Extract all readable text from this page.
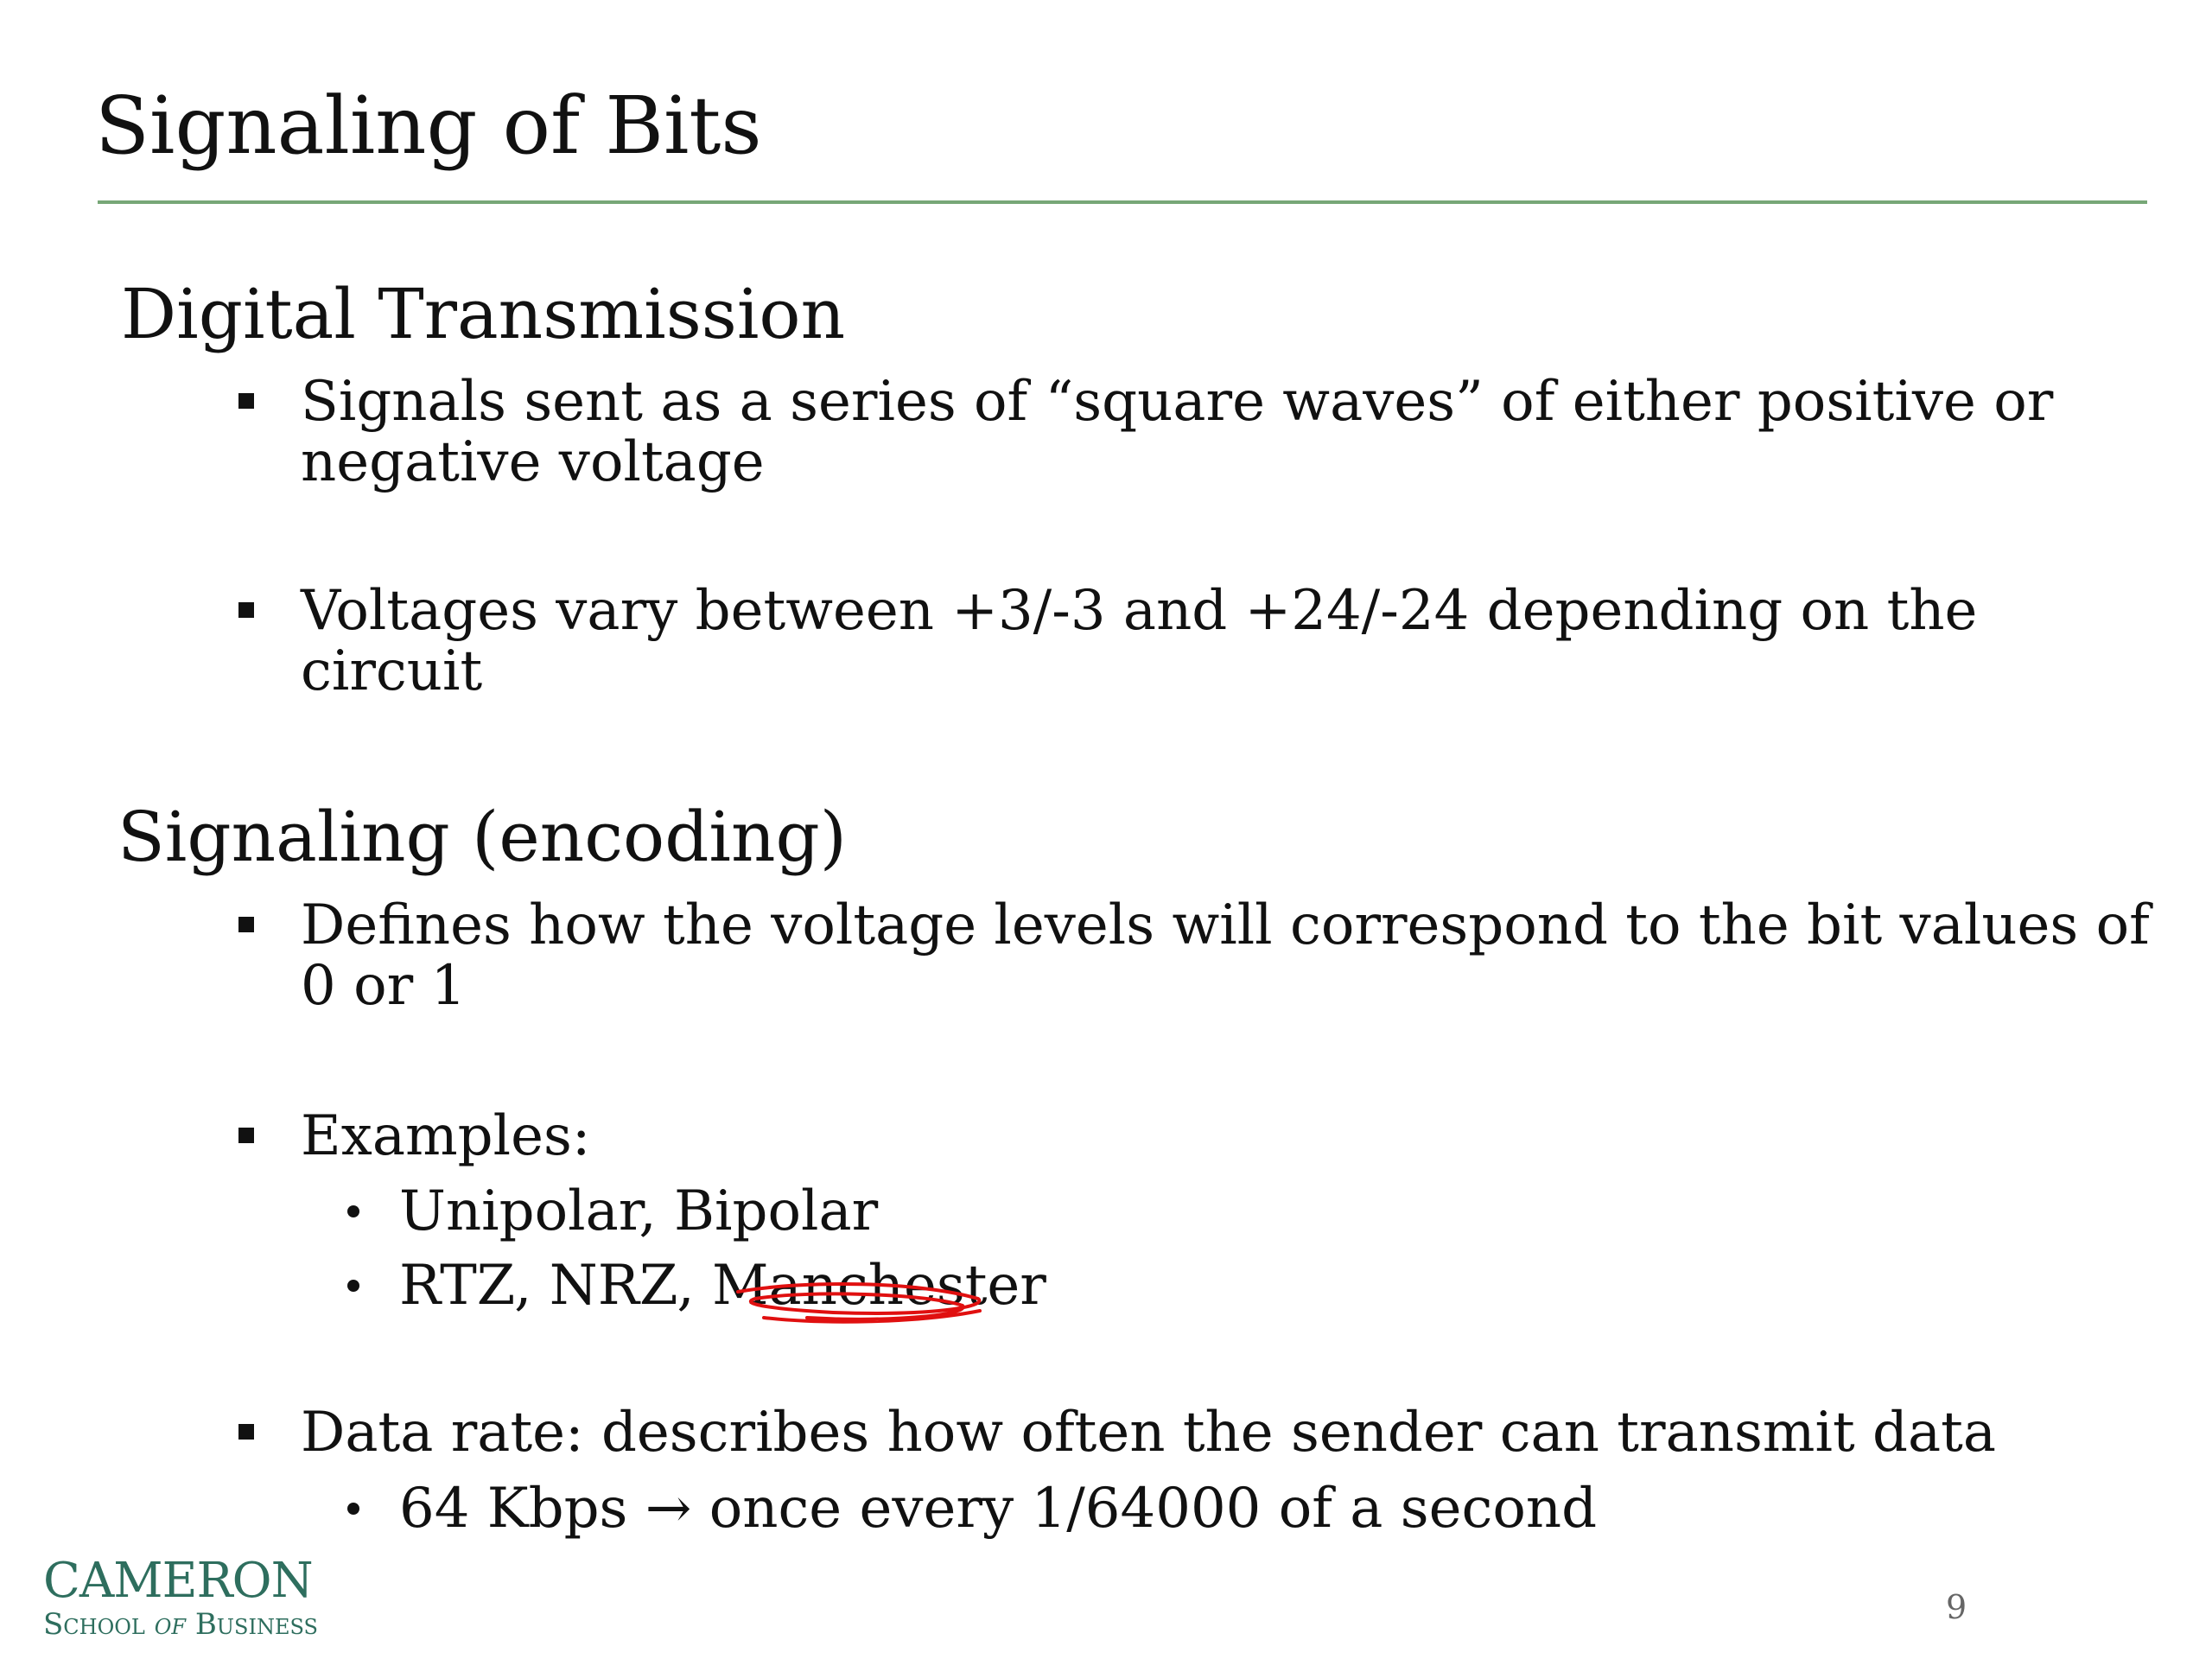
Signaling of Bits
Digital Transmission
Signals sent as a series of “square waves” of either positive or
negative voltage
Voltages vary between +3/-3 and +24/-24 depending on the
circuit
Signaling (encoding)
Defines how the voltage levels will correspond to the bit values of
0 or 1
Examples:
Unipolar, Bipolar
RTZ, NRZ, Manchester
Data rate: describes how often the sender can transmit data
64 Kbps → once every 1/64000 of a second
CAMERON
School of Business	9
